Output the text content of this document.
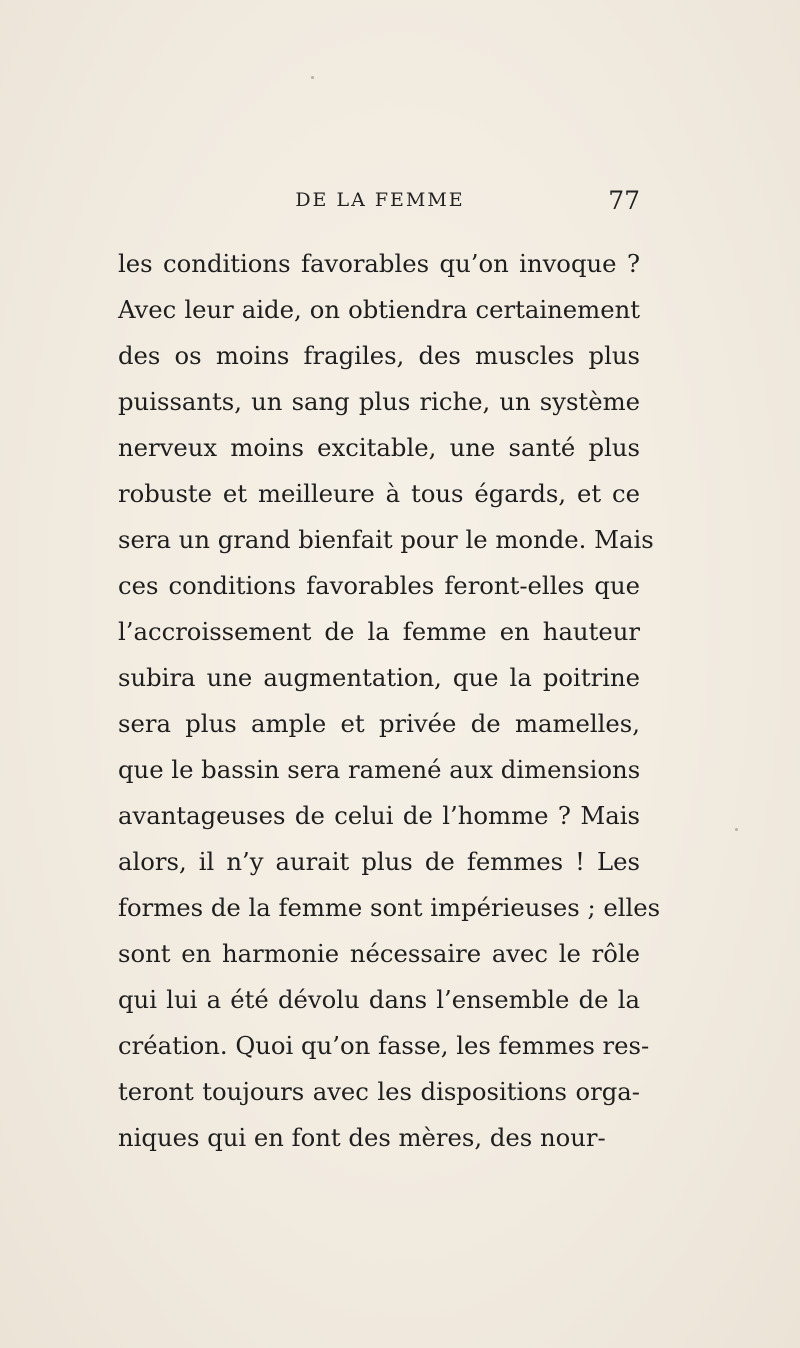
DE LA FEMME	77
les conditions favorables qu’on invoque ?
Avec leur aide, on obtiendra certainement
des os moins fragiles, des muscles plus
puissants, un sang plus riche, un système
nerveux moins excitable, une santé plus
robuste et meilleure à tous égards, et ce
sera un grand bienfait pour le monde. Mais
ces conditions favorables feront-elles que
l’accroissement de la femme en hauteur
subira une augmentation, que la poitrine
sera plus ample et privée de mamelles,
que le bassin sera ramené aux dimensions
avantageuses de celui de l’homme ? Mais
alors, il n’y aurait plus de femmes ! Les
formes de la femme sont impérieuses ; elles
sont en harmonie nécessaire avec le rôle
qui lui a été dévolu dans l’ensemble de la
création. Quoi qu’on fasse, les femmes res-
teront toujours avec les dispositions orga-
niques qui en font des mères, des nour-
